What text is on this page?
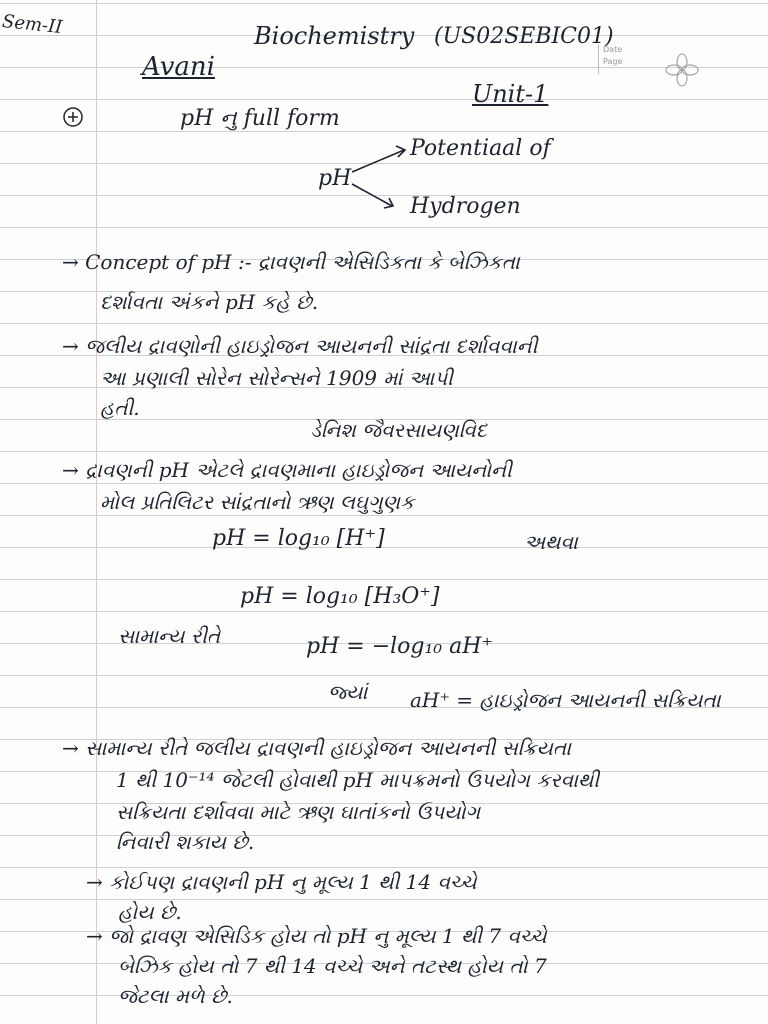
Sem-II	Biochemistry (US02SEBIC01)
Avani
Date
Page
Unit-1
pH નુ full form
pH
Potentiaal of
Hydrogen
→ Concept of pH :- દ્રાવણની એસિડિકતા કે બેઝિકતા
દર્શાવતા અંકને pH કહે છે.
→ જલીય દ્રાવણોની હાઇડ્રોજન આયનની સાંદ્રતા દર્શાવવાની
આ પ્રણાલી સોરેન સોરેન્સને 1909 માં આપી
હતી.
ડેનિશ જૈવરસાયણવિદ
→ દ્રાવણની pH એટલે દ્રાવણમાના હાઇડ્રોજન આયનોની
મોલ પ્રતિલિટર સાંદ્રતાનો ઋણ લઘુગુણક
pH = log₁₀ [H⁺]	અથવા
pH = log₁₀ [H₃O⁺]
સામાન્ય રીતે	pH = −log₁₀ aH⁺
જ્યાં aH⁺ = હાઇડ્રોજન આયનની સક્રિયતા
→ સામાન્ય રીતે જલીય દ્રાવણની હાઇડ્રોજન આયનની સક્રિયતા
1 થી 10⁻¹⁴ જેટલી હોવાથી pH માપક્રમનો ઉપયોગ કરવાથી
સક્રિયતા દર્શાવવા માટે ઋણ ઘાતાંકનો ઉપયોગ
નિવારી શકાય છે.
→ કોઈપણ દ્રાવણની pH નુ મૂલ્ય 1 થી 14 વચ્ચે
હોય છે.
→ જો દ્રાવણ એસિડિક હોય તો pH નુ મૂલ્ય 1 થી 7 વચ્ચે
બેઝિક હોય તો 7 થી 14 વચ્ચે અને તટસ્થ હોય તો 7
જેટલા મળે છે.
